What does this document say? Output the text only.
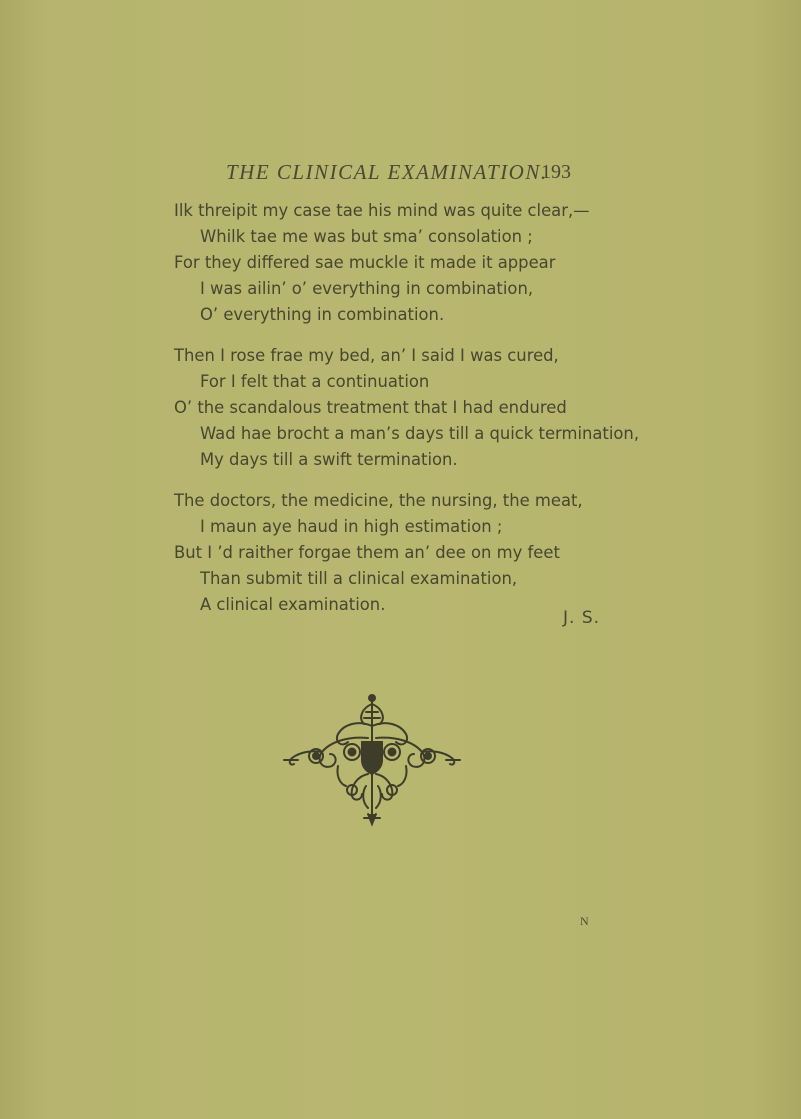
THE CLINICAL EXAMINATION.
193
Ilk threipit my case tae his mind was quite clear,—
Whilk tae me was but sma’ consolation ;
For they differed sae muckle it made it appear
I was ailin’ o’ everything in combination,
O’ everything in combination.
Then I rose frae my bed, an’ I said I was cured,
For I felt that a continuation
O’ the scandalous treatment that I had endured
Wad hae brocht a man’s days till a quick termination,
My days till a swift termination.
The doctors, the medicine, the nursing, the meat,
I maun aye haud in high estimation ;
But I ’d raither forgae them an’ dee on my feet
Than submit till a clinical examination,
A clinical examination.
J. S.
N
